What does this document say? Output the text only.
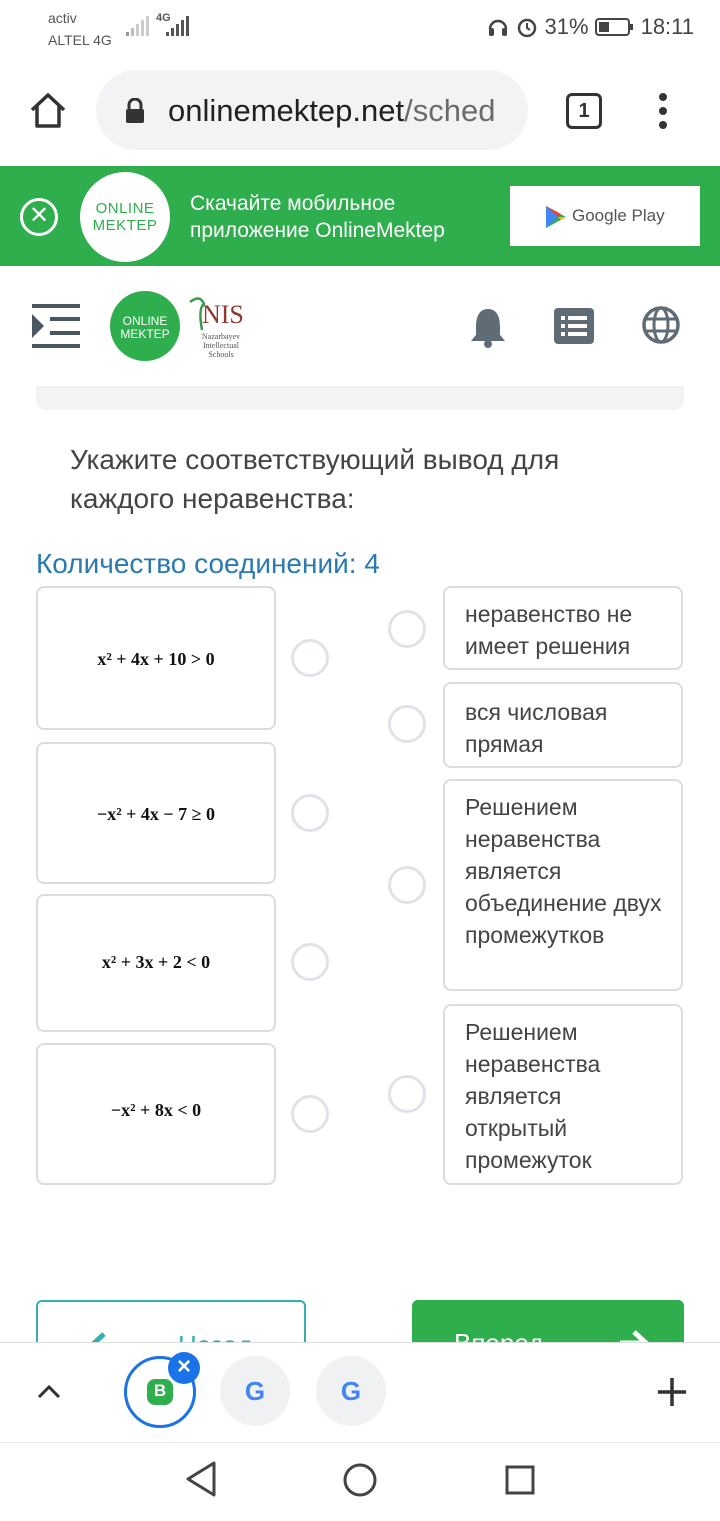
activ
ALTEL 4G
4G	31% 18:11
onlinemektep.net/sched	1
✕	ONLINE
MEKTEP
Скачайте мобильное приложение OnlineMektep
Google Play
ONLINE
MEKTEP
NIS
Nazarbayev Intellectual Schools
Укажите соответствующий вывод для каждого неравенства:
Количество соединений: 4
x² + 4x + 10 > 0
−x² + 4x − 7 ≥ 0
x² + 3x + 2 < 0
−x² + 8x < 0
неравенство не имеет решения
вся числовая прямая
Решением неравенства является объединение двух промежутков
Решением неравенства является открытый промежуток
B
×
G	G
